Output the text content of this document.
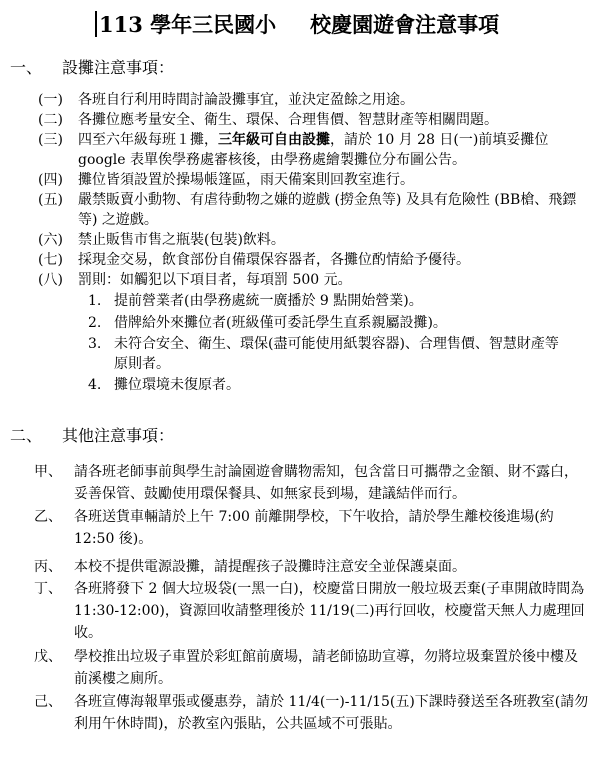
113 學年三民國小 校慶園遊會注意事項
一、 設攤注意事項：
(一)	各班自行利用時間討論設攤事宜，並決定盈餘之用途。
(二)	各攤位應考量安全、衛生、環保、合理售價、智慧財產等相關問題。
(三)	四至六年級每班１攤，三年級可自由設攤，請於 10 月 28 日(一)前填妥攤位google 表單俟學務處審核後，由學務處繪製攤位分布圖公告。
(四)	攤位皆須設置於操場帳篷區，雨天備案則回教室進行。
(五)	嚴禁販賣小動物、有虐待動物之嫌的遊戲 (撈金魚等) 及具有危險性 (BB槍、飛鏢等) 之遊戲。
(六)	禁止販售市售之瓶裝(包裝)飲料。
(七)	採現金交易，飲食部份自備環保容器者，各攤位酌情給予優待。
(八)	罰則：如觸犯以下項目者，每項罰 500 元。
1. 提前營業者(由學務處統一廣播於 9 點開始營業)。
2. 借牌給外來攤位者(班級僅可委託學生直系親屬設攤)。
3. 未符合安全、衛生、環保(盡可能使用紙製容器)、合理售價、智慧財產等原則者。
4. 攤位環境未復原者。
二、 其他注意事項：
甲、 請各班老師事前與學生討論園遊會購物需知，包含當日可攜帶之金額、財不露白，妥善保管、鼓勵使用環保餐具、如無家長到場，建議結伴而行。
乙、 各班送貨車輛請於上午 7:00 前離開學校，下午收拾，請於學生離校後進場(約 12:50 後)。
丙、 本校不提供電源設攤，請提醒孩子設攤時注意安全並保護桌面。
丁、 各班將發下 2 個大垃圾袋(一黑一白)，校慶當日開放一般垃圾丟棄(子車開啟時間為 11:30-12:00)，資源回收請整理後於 11/19(二)再行回收，校慶當天無人力處理回收。
戊、 學校推出垃圾子車置於彩虹館前廣場，請老師協助宣導，勿將垃圾棄置於後中樓及前溪樓之廁所。
己、 各班宣傳海報單張或優惠券，請於 11/4(一)-11/15(五)下課時發送至各班教室(請勿利用午休時間)，於教室內張貼，公共區域不可張貼。
